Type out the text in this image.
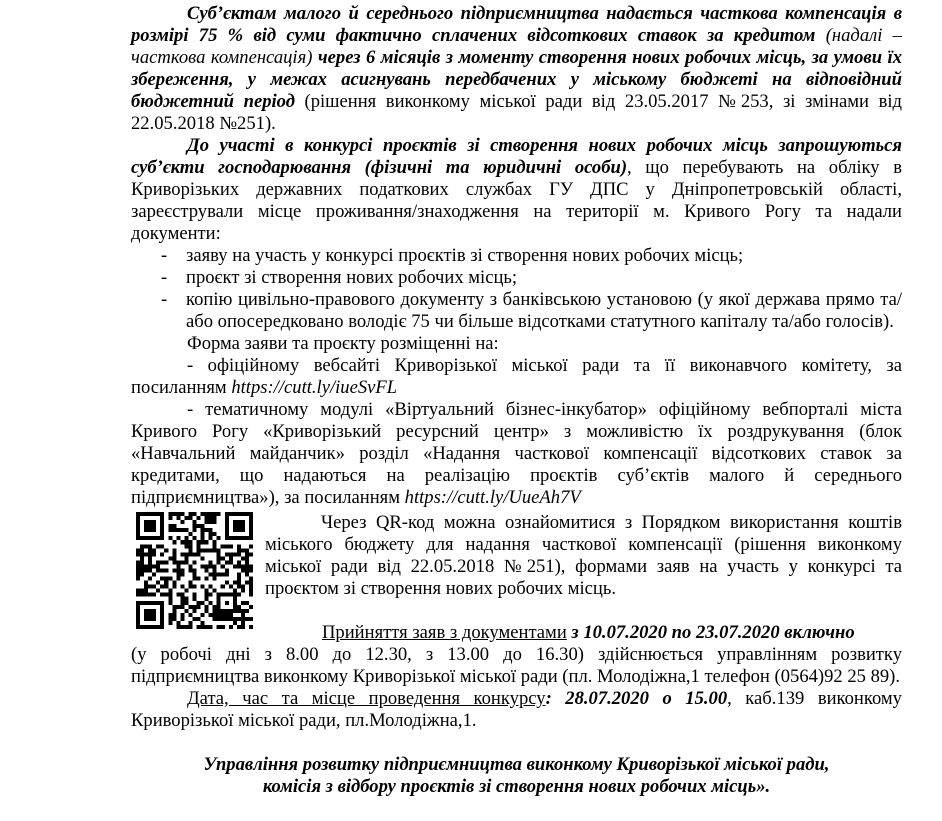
Суб’єктам малого й середнього підприємництва надається часткова компенсація в розмірі 75 % від суми фактично сплачених відсоткових ставок за кредитом (надалі – часткова компенсація) через 6 місяців з моменту створення нових робочих місць, за умови їх збереження, у межах асигнувань передбачених у міському бюджеті на відповідний бюджетний період (рішення виконкому міської ради від 23.05.2017 №253, зі змінами від 22.05.2018 №251).

До участі в конкурсі проєктів зі створення нових робочих місць запрошуються суб’єкти господарювання (фізичні та юридичні особи), що перебувають на обліку в Криворізьких державних податкових службах ГУ ДПС у Дніпропетровській області, зареєстрували місце проживання/знаходження на території м. Кривого Рогу та надали документи:

-	заяву на участь у конкурсі проєктів зі створення нових робочих місць;
-	проєкт зі створення нових робочих місць;
-	копію цивільно-правового документу з банківською установою (у якої держава прямо та/або опосередковано володіє 75 чи більше відсотками статутного капіталу та/або голосів).

Форма заяви та проєкту розміщенні на:

- офіційному вебсайті Криворізької міської ради та її виконавчого комітету, за посиланням https://cutt.ly/iueSvFL

- тематичному модулі «Віртуальний бізнес-інкубатор» офіційному вебпорталі міста Кривого Рогу «Криворізький ресурсний центр» з можливістю їх роздрукування (блок «Навчальний майданчик» розділ «Надання часткової компенсації відсоткових ставок за кредитами, що надаються на реалізацію проєктів суб’єктів малого й середнього підприємництва»), за посиланням https://cutt.ly/UueAh7V

Через QR-код можна ознайомитися з Порядком використання коштів міського бюджету для надання часткової компенсації (рішення виконкому міської ради від 22.05.2018 №251), формами заяв на участь у конкурсі та проєктом зі створення нових робочих місць.

Прийняття заяв з документами з 10.07.2020 по 23.07.2020 включно

(у робочі дні з 8.00 до 12.30, з 13.00 до 16.30) здійснюється управлінням розвитку підприємництва виконкому Криворізької міської ради (пл. Молодіжна,1 телефон (0564)92 25 89).

Дата, час та місце проведення конкурсу: 28.07.2020 о 15.00, каб.139 виконкому Криворізької міської ради, пл.Молодіжна,1.

Управління розвитку підприємництва виконкому Криворізької міської ради,

комісія з відбору проєктів зі створення нових робочих місць».
